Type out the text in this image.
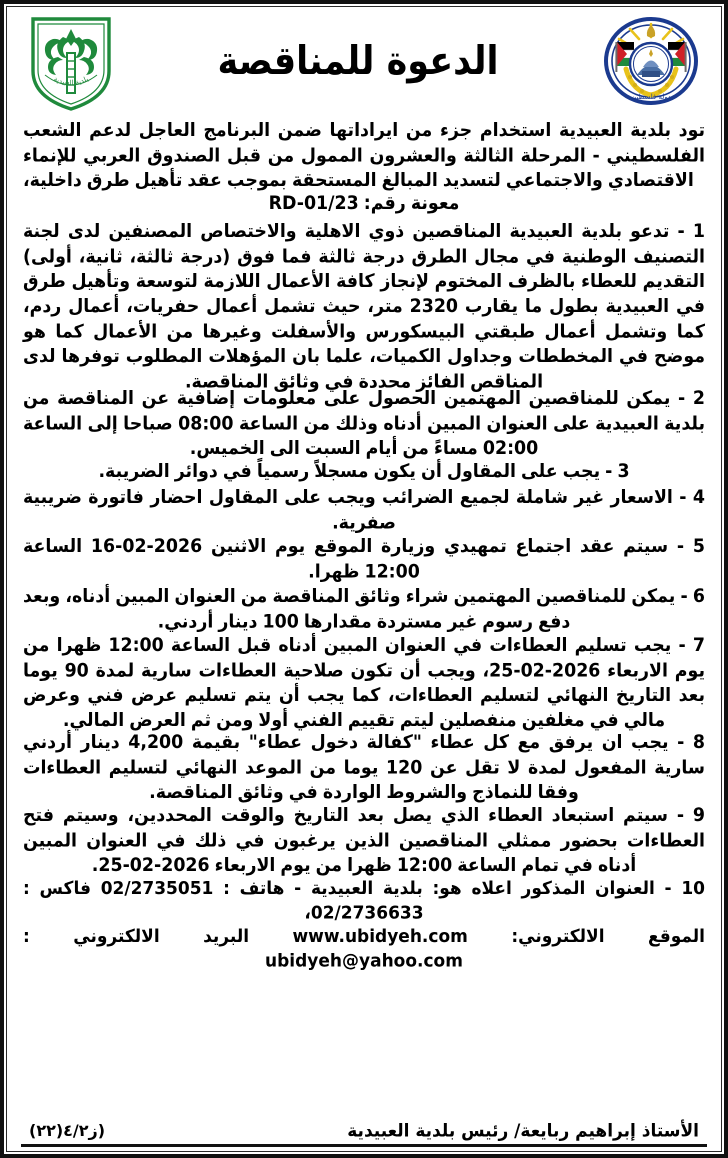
دولة فلسطين
الدعوة للمناقصة
بلدية العبيدية

تود بلدية العبيدية استخدام جزء من ايراداتها ضمن البرنامج العاجل لدعم الشعب الفلسطيني - المرحلة الثالثة والعشرون الممول من قبل الصندوق العربي للإنماء الاقتصادي والاجتماعي لتسديد المبالغ المستحقة بموجب عقد تأهيل طرق داخلية،

معونة رقم: 23/RD-01

1 - تدعو بلدية العبيدية المناقصين ذوي الاهلية والاختصاص المصنفين لدى لجنة التصنيف الوطنية في مجال الطرق درجة ثالثة فما فوق (درجة ثالثة، ثانية، أولى) التقديم للعطاء بالظرف المختوم لإنجاز كافة الأعمال اللازمة لتوسعة وتأهيل طرق في العبيدية بطول ما يقارب 2320 متر، حيث تشمل أعمال حفريات، أعمال ردم، كما وتشمل أعمال طبقتي البيسكورس والأسفلت وغيرها من الأعمال كما هو موضح في المخططات وجداول الكميات، علما بان المؤهلات المطلوب توفرها لدى المناقص الفائز محددة في وثائق المناقصة.

2 - يمكن للمناقصين المهتمين الحصول على معلومات إضافية عن المناقصة من بلدية العبيدية على العنوان المبين أدناه وذلك من الساعة 08:00 صباحا إلى الساعة 02:00 مساءً من أيام السبت الى الخميس.

3 - يجب على المقاول أن يكون مسجلاً رسمياً في دوائر الضريبة.

4 - الاسعار غير شاملة لجميع الضرائب ويجب على المقاول احضار فاتورة ضريبية صفرية.

5 - سيتم عقد اجتماع تمهيدي وزيارة الموقع يوم الاثنين 2026-02-16 الساعة 12:00 ظهرا.

6 - يمكن للمناقصين المهتمين شراء وثائق المناقصة من العنوان المبين أدناه، وبعد دفع رسوم غير مستردة مقدارها 100 دينار أردني.

7 - يجب تسليم العطاءات في العنوان المبين أدناه قبل الساعة 12:00 ظهرا من يوم الاربعاء 2026-02-25، ويجب أن تكون صلاحية العطاءات سارية لمدة 90 يوما بعد التاريخ النهائي لتسليم العطاءات، كما يجب أن يتم تسليم عرض فني وعرض مالي في مغلفين منفصلين ليتم تقييم الفني أولا ومن ثم العرض المالي.

8 - يجب ان يرفق مع كل عطاء "كفالة دخول عطاء" بقيمة 4,200 دينار أردني سارية المفعول لمدة لا تقل عن 120 يوما من الموعد النهائي لتسليم العطاءات وفقا للنماذج والشروط الواردة في وثائق المناقصة.

9 - سيتم استبعاد العطاء الذي يصل بعد التاريخ والوقت المحددين، وسيتم فتح العطاءات بحضور ممثلي المناقصين الذين يرغبون في ذلك في العنوان المبين أدناه في تمام الساعة 12:00 ظهرا من يوم الاربعاء 2026-02-25.

10 - العنوان المذكور اعلاه هو: بلدية العبيدية - هاتف : 02/2735051 فاكس : 02/2736633،

الموقع الالكتروني: www.ubidyeh.com البريد الالكتروني : ubidyeh@yahoo.com

الأستاذ إبراهيم ربايعة/ رئيس بلدية العبيدية
(ز٤/٢(٢٢)
